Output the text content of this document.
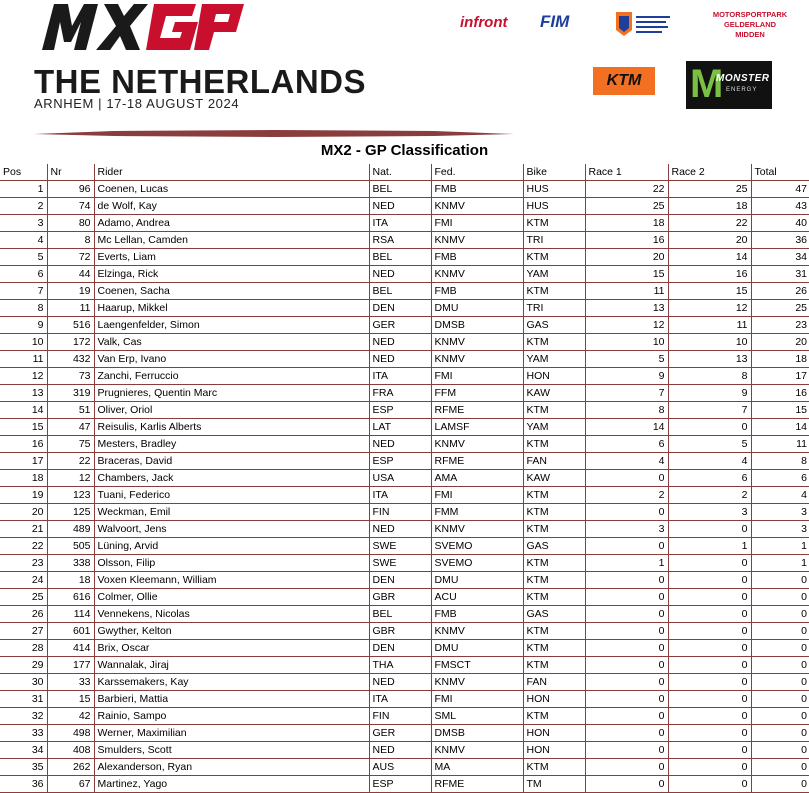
THE NETHERLANDS
ARNHEM | 17-18 AUGUST 2024
infront FIM	MOTORSPORTPARK
GELDERLAND
MIDDEN
KTM	M
MONSTER
ENERGY
MX2 - GP Classification
Pos	Nr	Rider	Nat.	Fed.	Bike	Race 1	Race 2	Total
1	96	Coenen, Lucas	BEL	FMB	HUS	22	25	47
2	74	de Wolf, Kay	NED	KNMV	HUS	25	18	43
3	80	Adamo, Andrea	ITA	FMI	KTM	18	22	40
4	8	Mc Lellan, Camden	RSA	KNMV	TRI	16	20	36
5	72	Everts, Liam	BEL	FMB	KTM	20	14	34
6	44	Elzinga, Rick	NED	KNMV	YAM	15	16	31
7	19	Coenen, Sacha	BEL	FMB	KTM	11	15	26
8	11	Haarup, Mikkel	DEN	DMU	TRI	13	12	25
9	516	Laengenfelder, Simon	GER	DMSB	GAS	12	11	23
10	172	Valk, Cas	NED	KNMV	KTM	10	10	20
11	432	Van Erp, Ivano	NED	KNMV	YAM	5	13	18
12	73	Zanchi, Ferruccio	ITA	FMI	HON	9	8	17
13	319	Prugnieres, Quentin Marc	FRA	FFM	KAW	7	9	16
14	51	Oliver, Oriol	ESP	RFME	KTM	8	7	15
15	47	Reisulis, Karlis Alberts	LAT	LAMSF	YAM	14	0	14
16	75	Mesters, Bradley	NED	KNMV	KTM	6	5	11
17	22	Braceras, David	ESP	RFME	FAN	4	4	8
18	12	Chambers, Jack	USA	AMA	KAW	0	6	6
19	123	Tuani, Federico	ITA	FMI	KTM	2	2	4
20	125	Weckman, Emil	FIN	FMM	KTM	0	3	3
21	489	Walvoort, Jens	NED	KNMV	KTM	3	0	3
22	505	Lüning, Arvid	SWE	SVEMO	GAS	0	1	1
23	338	Olsson, Filip	SWE	SVEMO	KTM	1	0	1
24	18	Voxen Kleemann, William	DEN	DMU	KTM	0	0	0
25	616	Colmer, Ollie	GBR	ACU	KTM	0	0	0
26	114	Vennekens, Nicolas	BEL	FMB	GAS	0	0	0
27	601	Gwyther, Kelton	GBR	KNMV	KTM	0	0	0
28	414	Brix, Oscar	DEN	DMU	KTM	0	0	0
29	177	Wannalak, Jiraj	THA	FMSCT	KTM	0	0	0
30	33	Karssemakers, Kay	NED	KNMV	FAN	0	0	0
31	15	Barbieri, Mattia	ITA	FMI	HON	0	0	0
32	42	Rainio, Sampo	FIN	SML	KTM	0	0	0
33	498	Werner, Maximilian	GER	DMSB	HON	0	0	0
34	408	Smulders, Scott	NED	KNMV	HON	0	0	0
35	262	Alexanderson, Ryan	AUS	MA	KTM	0	0	0
36	67	Martinez, Yago	ESP	RFME	TM	0	0	0
